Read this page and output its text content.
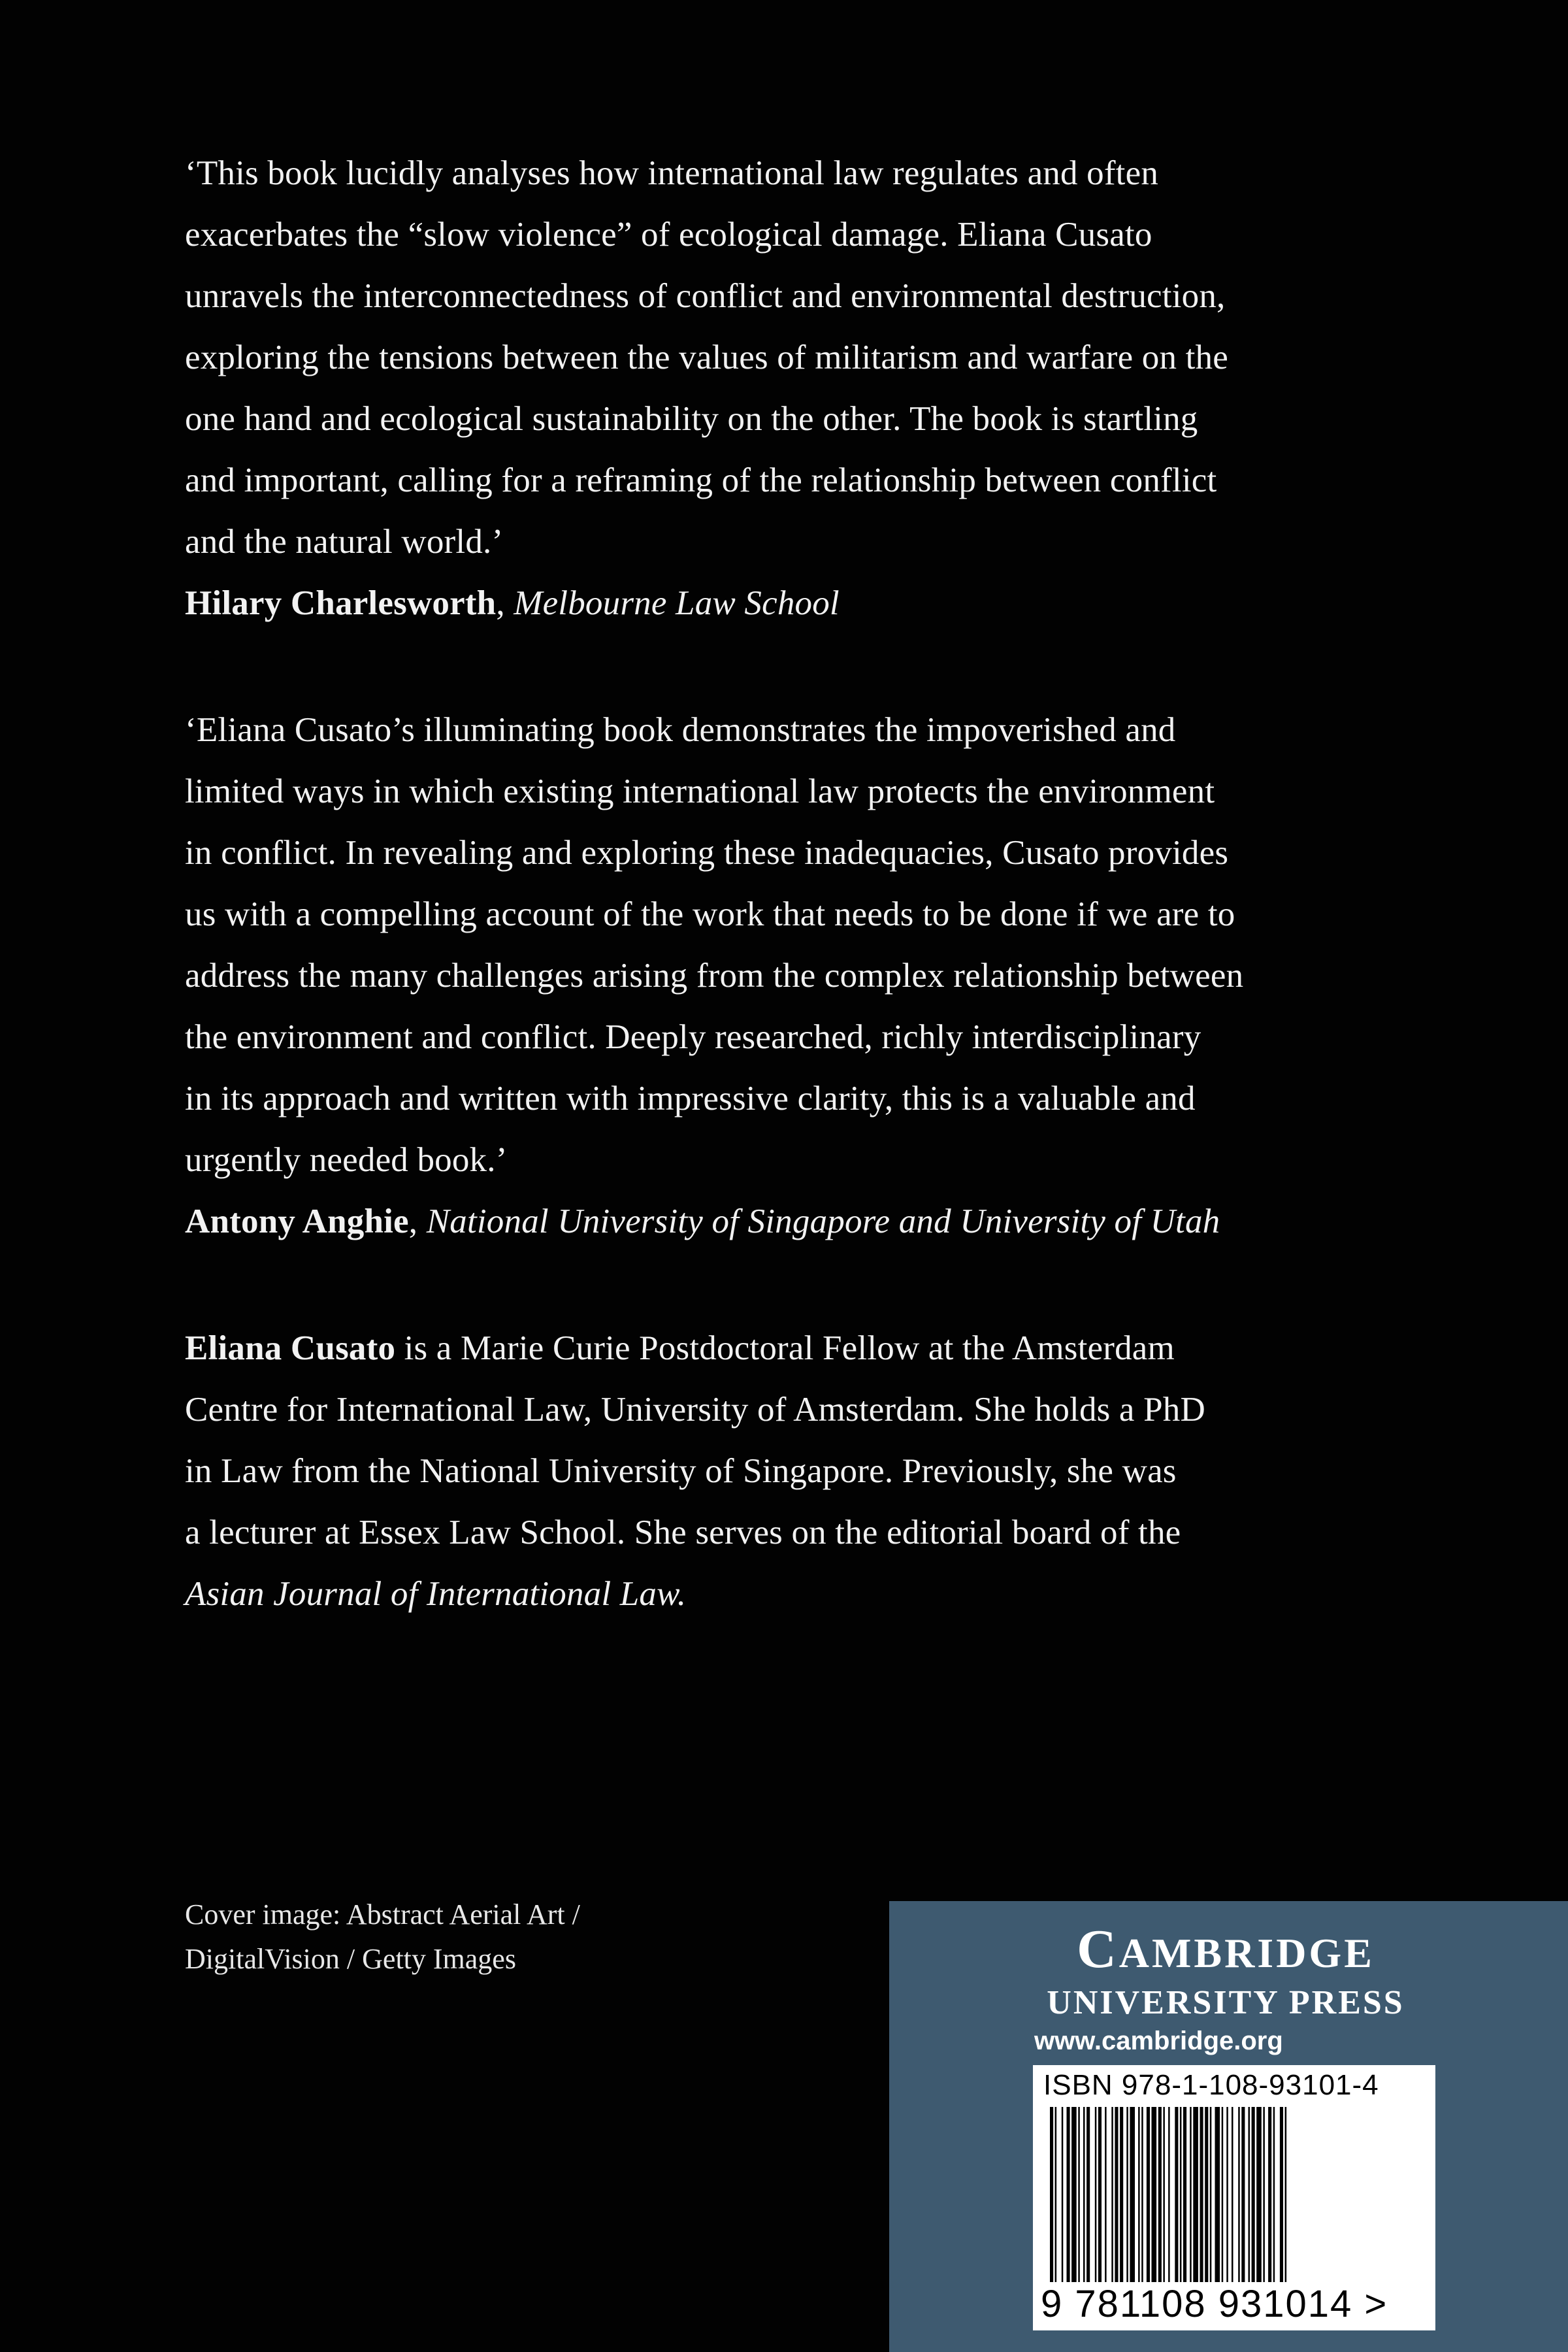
‘This book lucidly analyses how international law regulates and often

exacerbates the “slow violence” of ecological damage. Eliana Cusato

unravels the interconnectedness of conflict and environmental destruction,

exploring the tensions between the values of militarism and warfare on the

one hand and ecological sustainability on the other. The book is startling

and important, calling for a reframing of the relationship between conflict

and the natural world.’

Hilary Charlesworth, Melbourne Law School

‘Eliana Cusato’s illuminating book demonstrates the impoverished and

limited ways in which existing international law protects the environment

in conflict. In revealing and exploring these inadequacies, Cusato provides

us with a compelling account of the work that needs to be done if we are to

address the many challenges arising from the complex relationship between

the environment and conflict. Deeply researched, richly interdisciplinary

in its approach and written with impressive clarity, this is a valuable and

urgently needed book.’

Antony Anghie, National University of Singapore and University of Utah

Eliana Cusato is a Marie Curie Postdoctoral Fellow at the Amsterdam

Centre for International Law, University of Amsterdam. She holds a PhD

in Law from the National University of Singapore. Previously, she was

a lecturer at Essex Law School. She serves on the editorial board of the

Asian Journal of International Law.

Cover image: Abstract Aerial Art /
DigitalVision / Getty Images	CAMBRIDGE
UNIVERSITY PRESS
www.cambridge.org
ISBN 978-1-108-93101-4
9 781108 931014 >
